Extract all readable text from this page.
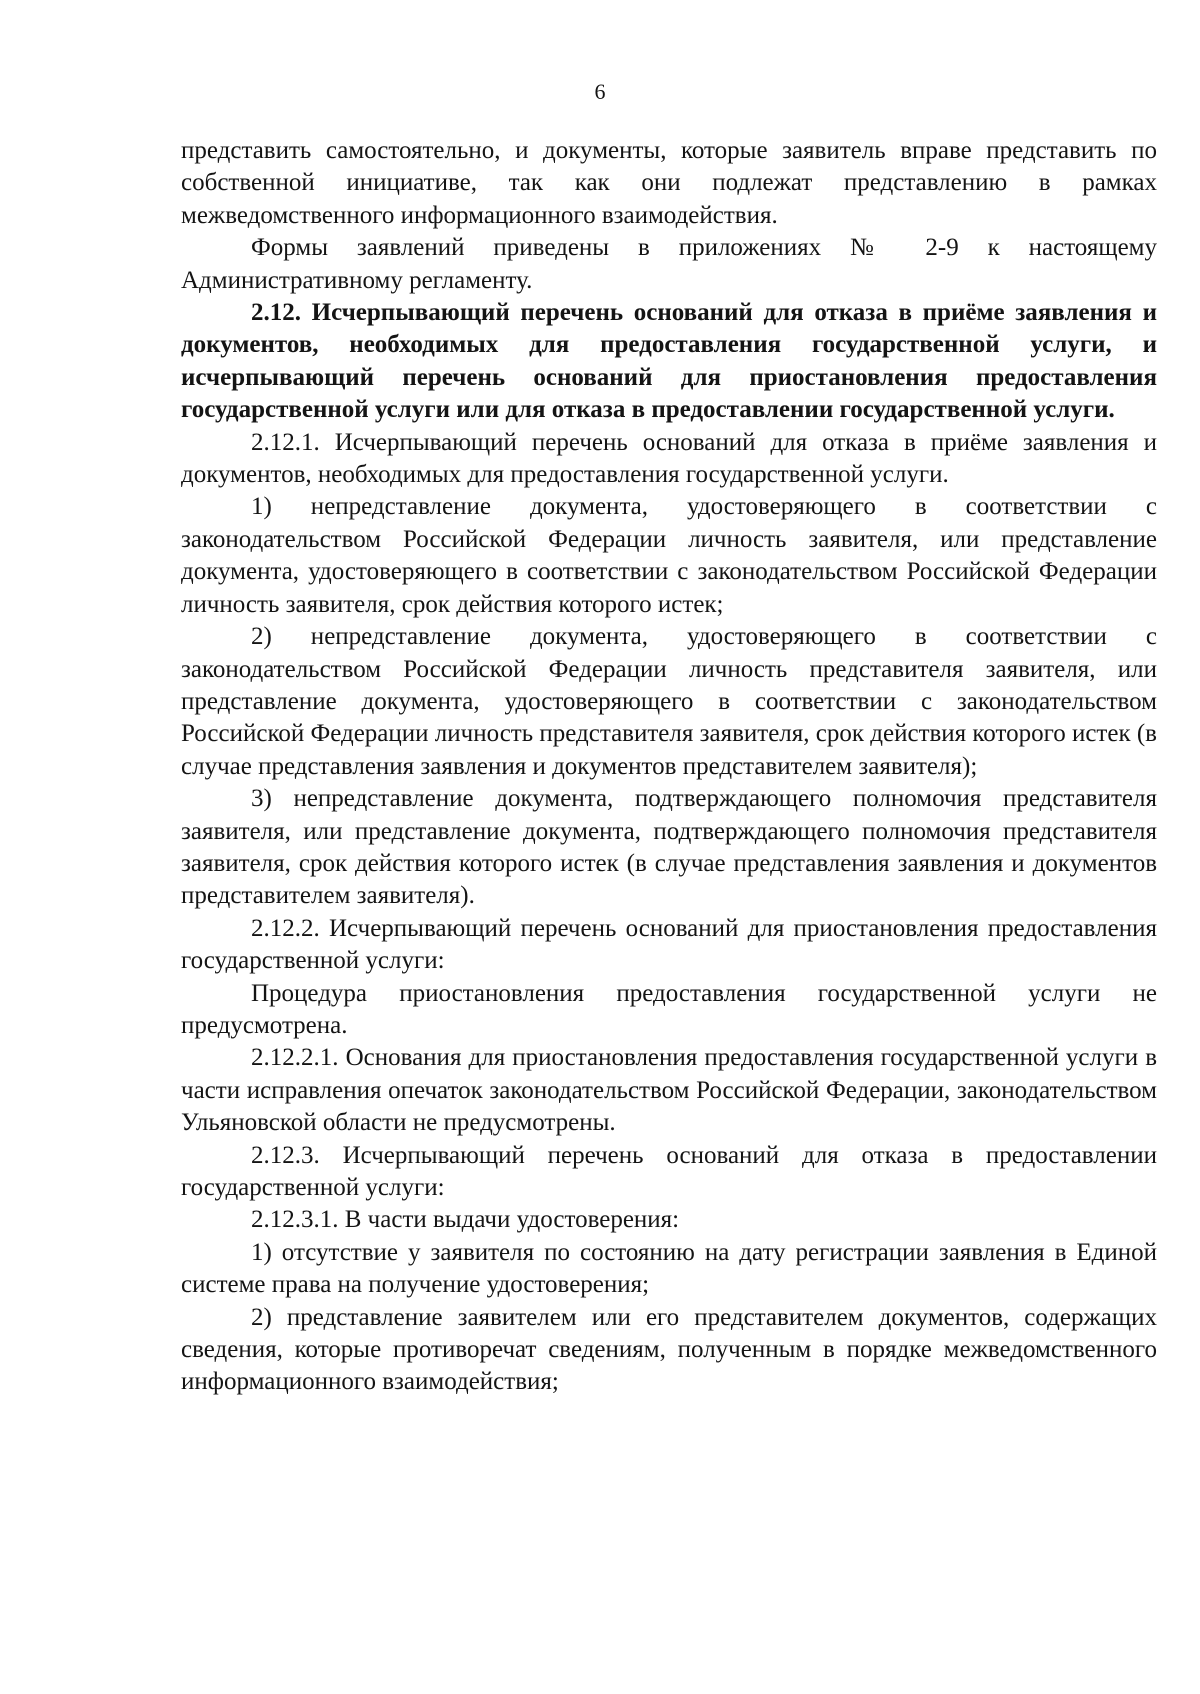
6

представить самостоятельно, и документы, которые заявитель вправе представить по собственной инициативе, так как они подлежат представлению в рамках межведомственного информационного взаимодействия.

Формы заявлений приведены в приложениях № 2-9 к настоящему Административному регламенту.

2.12. Исчерпывающий перечень оснований для отказа в приёме заявления и документов, необходимых для предоставления государственной услуги, и исчерпывающий перечень оснований для приостановления предоставления государственной услуги или для отказа в предоставлении государственной услуги.

2.12.1. Исчерпывающий перечень оснований для отказа в приёме заявления и документов, необходимых для предоставления государственной услуги.

1) непредставление документа, удостоверяющего в соответствии с законодательством Российской Федерации личность заявителя, или представление документа, удостоверяющего в соответствии с законодательством Российской Федерации личность заявителя, срок действия которого истек;

2) непредставление документа, удостоверяющего в соответствии с законодательством Российской Федерации личность представителя заявителя, или представление документа, удостоверяющего в соответствии с законодательством Российской Федерации личность представителя заявителя, срок действия которого истек (в случае представления заявления и документов представителем заявителя);

3) непредставление документа, подтверждающего полномочия представителя заявителя, или представление документа, подтверждающего полномочия представителя заявителя, срок действия которого истек (в случае представления заявления и документов представителем заявителя).

2.12.2. Исчерпывающий перечень оснований для приостановления предоставления государственной услуги:

Процедура приостановления предоставления государственной услуги не предусмотрена.

2.12.2.1. Основания для приостановления предоставления государственной услуги в части исправления опечаток законодательством Российской Федерации, законодательством Ульяновской области не предусмотрены.

2.12.3. Исчерпывающий перечень оснований для отказа в предоставлении государственной услуги:

2.12.3.1. В части выдачи удостоверения:

1) отсутствие у заявителя по состоянию на дату регистрации заявления в Единой системе права на получение удостоверения;

2) представление заявителем или его представителем документов, содержащих сведения, которые противоречат сведениям, полученным в порядке межведомственного информационного взаимодействия;
